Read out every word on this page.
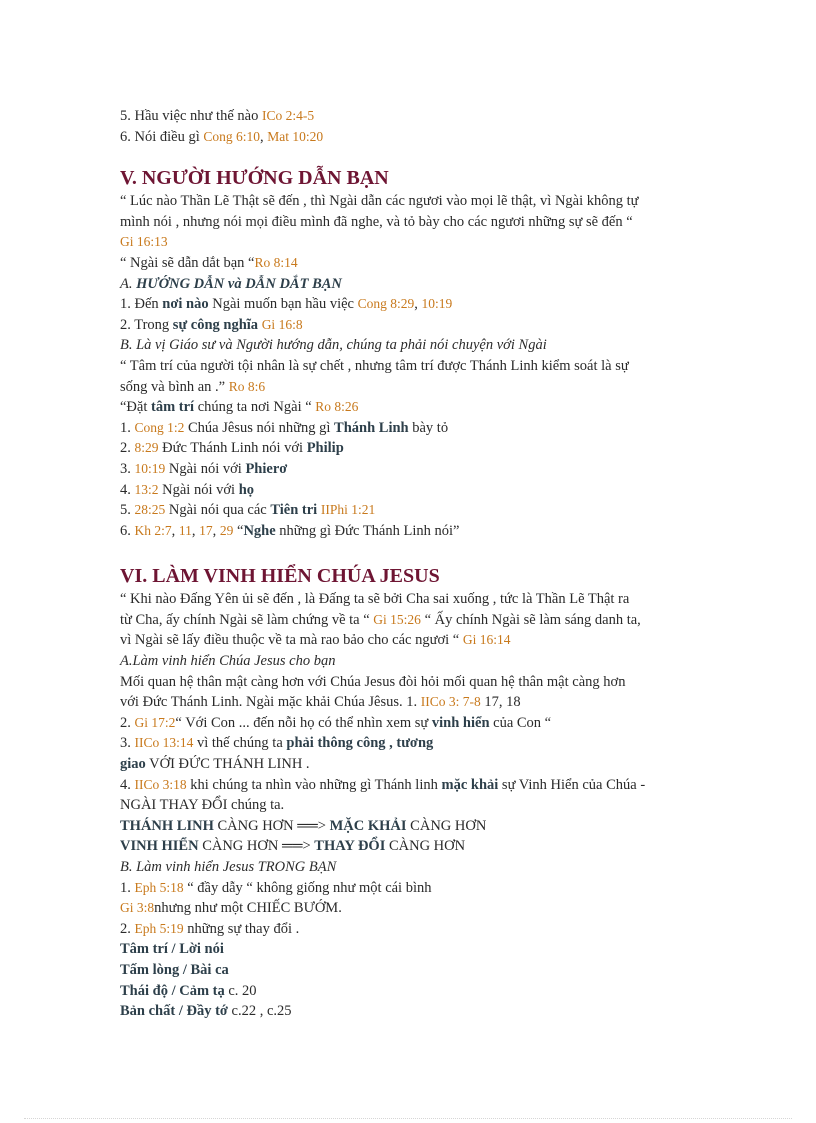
5. Hầu việc như thế nào ICo 2:4-5
6. Nói điều gì Cong 6:10, Mat 10:20
V. NGƯỜI HƯỚNG DẪN BẠN
“ Lúc nào Thần Lẽ Thật sẽ đến , thì Ngài dẫn các ngươi vào mọi lẽ thật, vì Ngài không tự
mình nói , nhưng nói mọi điều mình đã nghe, và tỏ bày cho các ngươi những sự sẽ đến “
Gi 16:13
“ Ngài sẽ dẫn dắt bạn “Ro 8:14
A. HƯỚNG DẪN và DẪN DẮT BẠN
1. Đến nơi nào Ngài muốn bạn hầu việc Cong 8:29, 10:19
2. Trong sự công nghĩa Gi 16:8
B. Là vị Giáo sư và Người hướng dẫn, chúng ta phải nói chuyện với Ngài
“ Tâm trí của người tội nhân là sự chết , nhưng tâm trí được Thánh Linh kiểm soát là sự
sống và bình an .” Ro 8:6
“Đặt tâm trí chúng ta nơi Ngài “ Ro 8:26
1. Cong 1:2 Chúa Jêsus nói những gì Thánh Linh bày tỏ
2. 8:29 Đức Thánh Linh nói với Philip
3. 10:19 Ngài nói với Phierơ
4. 13:2 Ngài nói với họ
5. 28:25 Ngài nói qua các Tiên tri IIPhi 1:21
6. Kh 2:7, 11, 17, 29 “Nghe những gì Đức Thánh Linh nói”
VI. LÀM VINH HIỂN CHÚA JESUS
“ Khi nào Đấng Yên ủi sẽ đến , là Đấng ta sẽ bởi Cha sai xuống , tức là Thần Lẽ Thật ra
từ Cha, ấy chính Ngài sẽ làm chứng về ta “ Gi 15:26 “ Ấy chính Ngài sẽ làm sáng danh ta,
vì Ngài sẽ lấy điều thuộc về ta mà rao bảo cho các ngươi “ Gi 16:14
A.Làm vinh hiển Chúa Jesus cho bạn
Mối quan hệ thân mật càng hơn với Chúa Jesus đòi hỏi mối quan hệ thân mật càng hơn
với Đức Thánh Linh. Ngài mặc khải Chúa Jêsus. 1. IICo 3: 7-8 17, 18
2. Gi 17:2“ Với Con ... đến nỗi họ có thể nhìn xem sự vinh hiển của Con “
3. IICo 13:14 vì thế chúng ta phải thông công , tương
giao VỚI ĐỨC THÁNH LINH .
4. IICo 3:18 khi chúng ta nhìn vào những gì Thánh linh mặc khải sự Vinh Hiển của Chúa -
NGÀI THAY ĐỔI chúng ta.
THÁNH LINH CÀNG HƠN ══> MẶC KHẢI CÀNG HƠN
VINH HIỂN CÀNG HƠN ══> THAY ĐỔI CÀNG HƠN
B. Làm vinh hiển Jesus TRONG BẠN
1. Eph 5:18 “ đầy dẫy “ không giống như một cái bình
Gi 3:8nhưng như một CHIẾC BƯỚM.
2. Eph 5:19 những sự thay đổi .
Tâm trí / Lời nói
Tấm lòng / Bài ca
Thái độ / Cảm tạ c. 20
Bản chất / Đầy tớ c.22 , c.25
